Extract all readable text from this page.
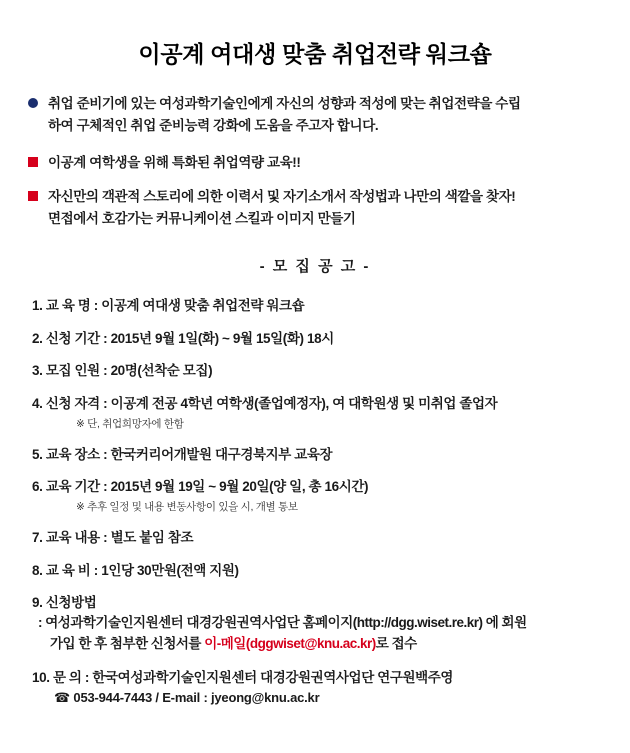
이공계 여대생 맞춤 취업전략 워크숍
취업 준비기에 있는 여성과학기술인에게 자신의 성향과 적성에 맞는 취업전략을 수립
하여 구체적인 취업 준비능력 강화에 도움을 주고자 합니다.
이공계 여학생을 위해 특화된 취업역량 교육!!
자신만의 객관적 스토리에 의한 이력서 및 자기소개서 작성법과 나만의 색깔을 찾자!
면접에서 호감가는 커뮤니케이션 스킬과 이미지 만들기
- 모 집 공 고 -
1. 교 육 명 : 이공계 여대생 맞춤 취업전략 워크숍
2. 신청 기간 : 2015년 9월 1일(화) ~ 9월 15일(화) 18시
3. 모집 인원 : 20명(선착순 모집)
4. 신청 자격 : 이공계 전공 4학년 여학생(졸업예정자), 여 대학원생 및 미취업 졸업자
※ 단, 취업희망자에 한함
5. 교육 장소 : 한국커리어개발원 대구경북지부 교육장
6. 교육 기간 : 2015년 9월 19일 ~ 9월 20일(양 일, 총 16시간)
※ 추후 일정 및 내용 변동사항이 있을 시, 개별 통보
7. 교육 내용 : 별도 붙임 참조
8. 교 육 비 : 1인당 30만원(전액 지원)
9. 신청방법
: 여성과학기술인지원센터 대경강원권역사업단 홈페이지(http://dgg.wiset.re.kr) 에 회원
가입 한 후 첨부한 신청서를 이-메일(dggwiset@knu.ac.kr)로 접수
10. 문 의 : 한국여성과학기술인지원센터 대경강원권역사업단 연구원백주영
☎ 053-944-7443 / E-mail : jyeong@knu.ac.kr
